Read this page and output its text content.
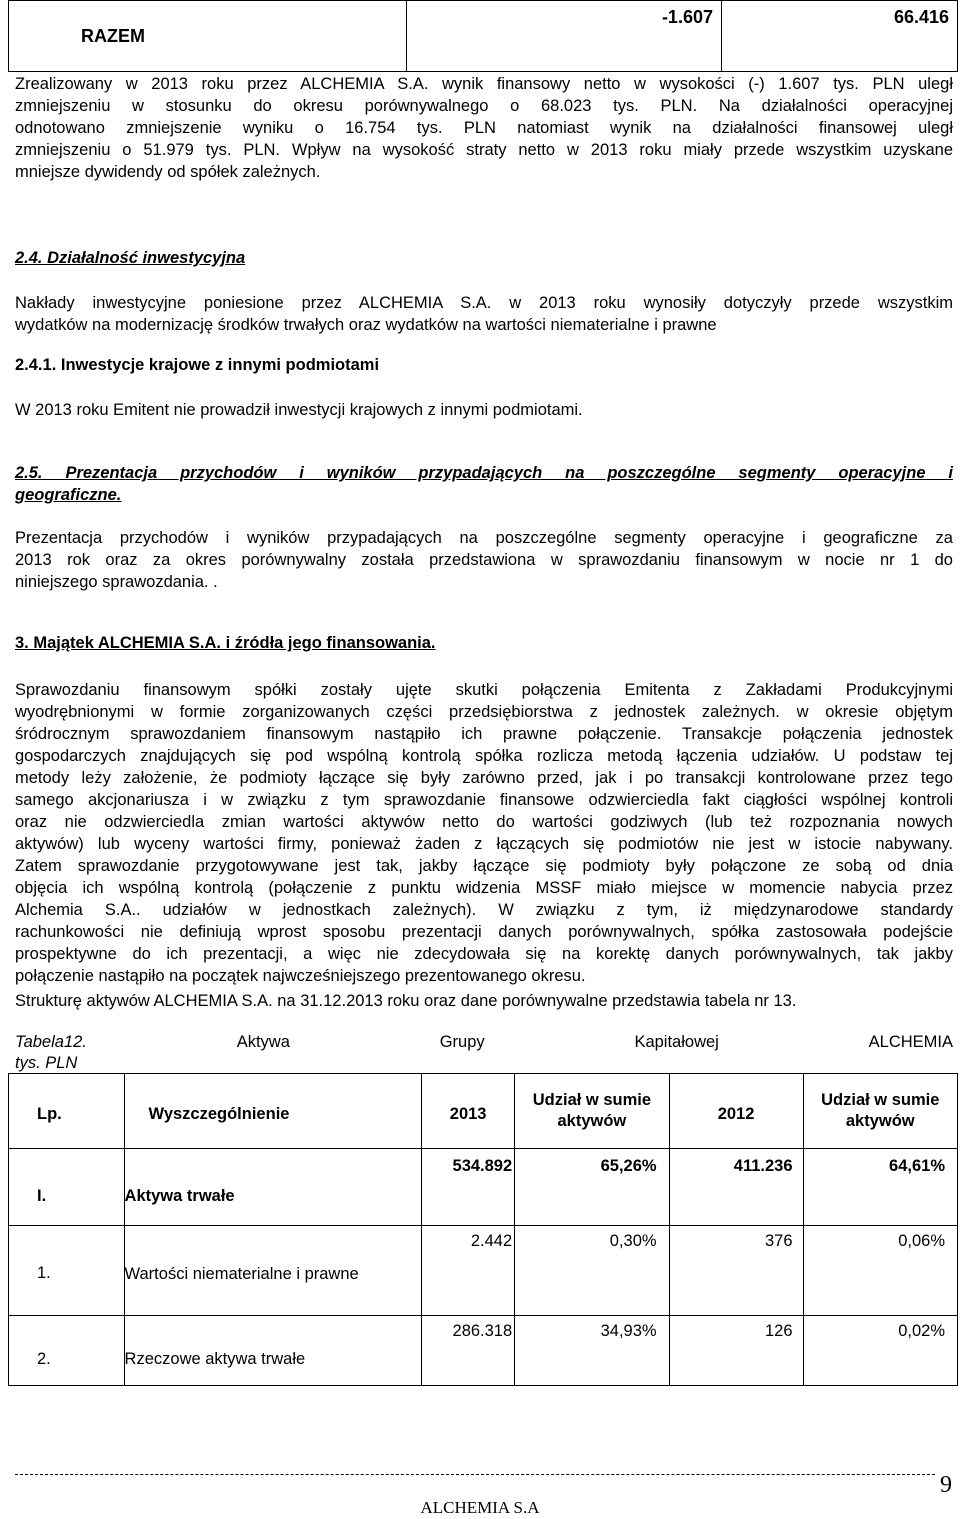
RAZEM	-1.607	66.416
Zrealizowany w 2013 roku przez ALCHEMIA S.A. wynik finansowy netto w wysokości (-) 1.607 tys. PLN uległ
zmniejszeniu w stosunku do okresu porównywalnego o 68.023 tys. PLN. Na działalności operacyjnej
odnotowano zmniejszenie wyniku o 16.754 tys. PLN natomiast wynik na działalności finansowej uległ
zmniejszeniu o 51.979 tys. PLN. Wpływ na wysokość straty netto w 2013 roku miały przede wszystkim uzyskane
mniejsze dywidendy od spółek zależnych.
2.4. Działalność inwestycyjna
Nakłady inwestycyjne poniesione przez ALCHEMIA S.A. w 2013 roku wynosiły dotyczyły przede wszystkim
wydatków na modernizację środków trwałych oraz wydatków na wartości niematerialne i prawne
2.4.1. Inwestycje krajowe z innymi podmiotami
W 2013 roku Emitent nie prowadził inwestycji krajowych z innymi podmiotami.
2.5. Prezentacja przychodów i wyników przypadających na poszczególne segmenty operacyjne i
geograficzne.
Prezentacja przychodów i wyników przypadających na poszczególne segmenty operacyjne i geograficzne za
2013 rok oraz za okres porównywalny została przedstawiona w sprawozdaniu finansowym w nocie nr 1 do
niniejszego sprawozdania. .
3. Majątek ALCHEMIA S.A. i źródła jego finansowania.
Sprawozdaniu finansowym spółki zostały ujęte skutki połączenia Emitenta z Zakładami Produkcyjnymi
wyodrębnionymi w formie zorganizowanych części przedsiębiorstwa z jednostek zależnych. w okresie objętym
śródrocznym sprawozdaniem finansowym nastąpiło ich prawne połączenie. Transakcje połączenia jednostek
gospodarczych znajdujących się pod wspólną kontrolą spółka rozlicza metodą łączenia udziałów. U podstaw tej
metody leży założenie, że podmioty łączące się były zarówno przed, jak i po transakcji kontrolowane przez tego
samego akcjonariusza i w związku z tym sprawozdanie finansowe odzwierciedla fakt ciągłości wspólnej kontroli
oraz nie odzwierciedla zmian wartości aktywów netto do wartości godziwych (lub też rozpoznania nowych
aktywów) lub wyceny wartości firmy, ponieważ żaden z łączących się podmiotów nie jest w istocie nabywany.
Zatem sprawozdanie przygotowywane jest tak, jakby łączące się podmioty były połączone ze sobą od dnia
objęcia ich wspólną kontrolą (połączenie z punktu widzenia MSSF miało miejsce w momencie nabycia przez
Alchemia S.A.. udziałów w jednostkach zależnych). W związku z tym, iż międzynarodowe standardy
rachunkowości nie definiują wprost sposobu prezentacji danych porównywalnych, spółka zastosowała podejście
prospektywne do ich prezentacji, a więc nie zdecydowała się na korektę danych porównywalnych, tak jakby
połączenie nastąpiło na początek najwcześniejszego prezentowanego okresu.
Strukturę aktywów ALCHEMIA S.A. na 31.12.2013 roku oraz dane porównywalne przedstawia tabela nr 13.
Tabela12.	Aktywa	Grupy	Kapitałowej	ALCHEMIA
tys. PLN
Lp.	Wyszczególnienie	2013	Udział w sumie aktywów	2012	Udział w sumie aktywów
I.	Aktywa trwałe	534.892	65,26%	411.236	64,61%
1.	Wartości niematerialne i prawne	2.442	0,30%	376	0,06%
2.	Rzeczowe aktywa trwałe	286.318	34,93%	126	0,02%
9
ALCHEMIA S.A
